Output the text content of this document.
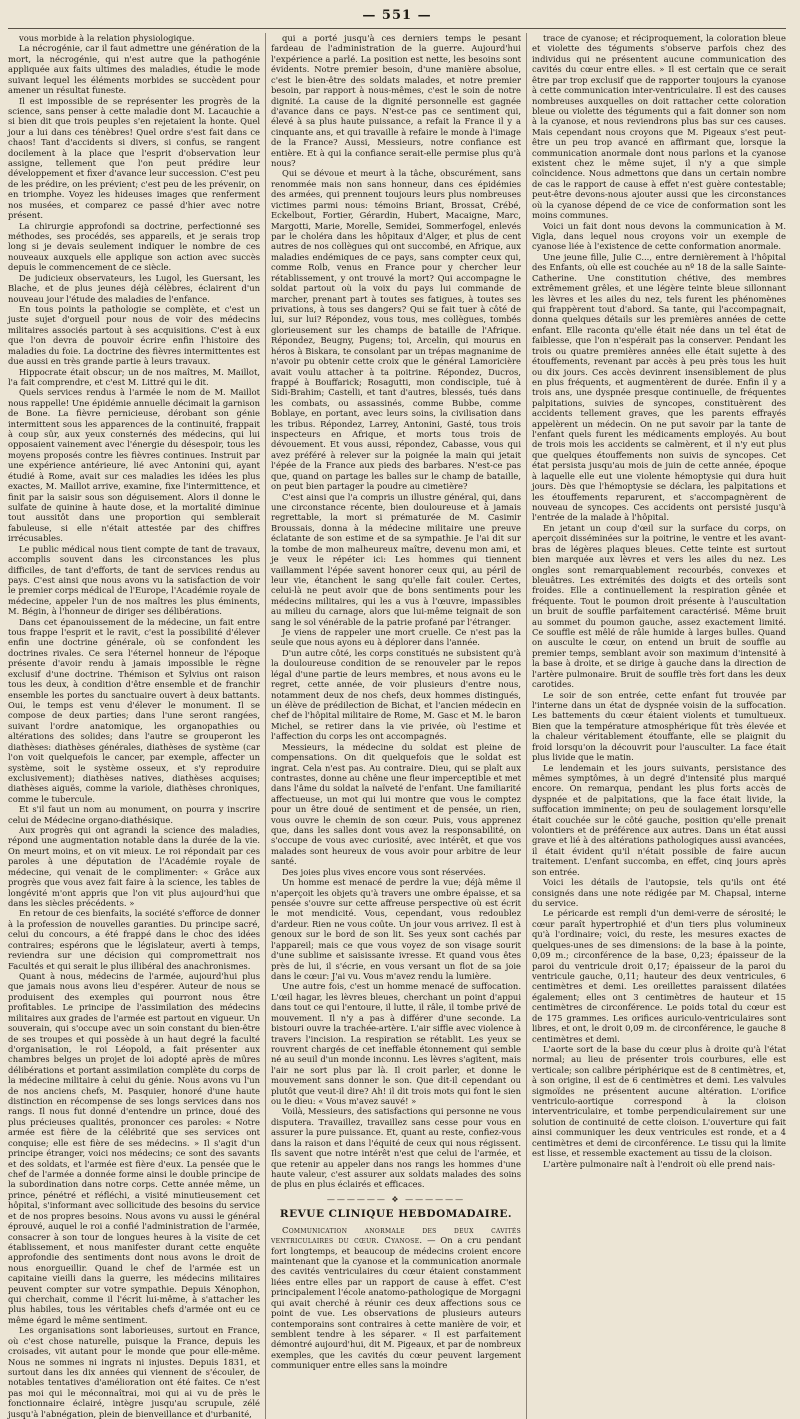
— 551 —

vous morbide à la relation physiologique.

La nécrogénie, car il faut admettre une génération de la mort, la nécrogénie, qui n'est autre que la pathogénie appliquée aux faits ultimes des maladies, étudie le mode suivant lequel les éléments morbides se succèdent pour amener un résultat funeste.

Il est impossible de se représenter les progrès de la science, sans penser à cette maladie dont M. Lacauchie a si bien dit que trois peuples s'en rejetaient la honte. Quel jour a lui dans ces ténèbres! Quel ordre s'est fait dans ce chaos! Tant d'accidents si divers, si confus, se rangent docilement à la place que l'esprit d'observation leur assigne, tellement que l'on peut prédire leur développement et fixer d'avance leur succession. C'est peu de les prédire, on les prévient; c'est peu de les prévenir, on en triomphe. Voyez les hideuses images que renferment nos musées, et comparez ce passé d'hier avec notre présent.

La chirurgie approfondi sa doctrine, perfectionné ses méthodes, ses procédés, ses appareils, et je serais trop long si je devais seulement indiquer le nombre de ces nouveaux auxquels elle applique son action avec succès depuis le commencement de ce siècle.

De judicieux observateurs, les Lugol, les Guersant, les Blache, et de plus jeunes déjà célèbres, éclairent d'un nouveau jour l'étude des maladies de l'enfance.

En tous points la pathologie se complète, et c'est un juste sujet d'orgueil pour nous de voir des médecins militaires associés partout à ses acquisitions. C'est à eux que l'on devra de pouvoir écrire enfin l'histoire des maladies du foie. La doctrine des fièvres intermittentes est due aussi en très grande partie à leurs travaux.

Hippocrate était obscur; un de nos maîtres, M. Maillot, l'a fait comprendre, et c'est M. Littré qui le dit.

Quels services rendus à l'armée le nom de M. Maillot nous rappelle! Une épidémie annuelle décimait la garnison de Bone. La fièvre pernicieuse, dérobant son génie intermittent sous les apparences de la continuité, frappait à coup sûr, aux yeux consternés des médecins, qui lui opposaient vainement avec l'énergie du désespoir, tous les moyens proposés contre les fièvres continues. Instruit par une expérience antérieure, lié avec Antonini qui, ayant étudié à Rome, avait sur ces maladies les idées les plus exactes, M. Maillot arrive, examine, fixe l'intermittence, et finit par la saisir sous son déguisement. Alors il donne le sulfate de quinine à haute dose, et la mortalité diminue tout aussitôt dans une proportion qui semblerait fabuleuse, si elle n'était attestée par des chiffres irrécusables.

Le public médical nous tient compte de tant de travaux, accomplis souvent dans les circonstances les plus difficiles, de tant d'efforts, de tant de services rendus au pays. C'est ainsi que nous avons vu la satisfaction de voir le premier corps médical de l'Europe, l'Académie royale de médecine, appeler l'un de nos maîtres les plus éminents, M. Bégin, à l'honneur de diriger ses délibérations.

Dans cet épanouissement de la médecine, un fait entre tous frappe l'esprit et le ravit, c'est la possibilité d'élever enfin une doctrine générale, où se confondent les doctrines rivales. Ce sera l'éternel honneur de l'époque présente d'avoir rendu à jamais impossible le règne exclusif d'une doctrine. Thémison et Sylvius ont raison tous les deux, à condition d'être ensemble et de franchir ensemble les portes du sanctuaire ouvert à deux battants. Oui, le temps est venu d'élever le monument. Il se compose de deux parties; dans l'une seront rangées, suivant l'ordre anatomique, les organopathies ou altérations des solides; dans l'autre se grouperont les diathèses: diathèses générales, diathèses de système (car l'on voit quelquefois le cancer, par exemple, affecter un système, soit le système osseux, et s'y reproduire exclusivement); diathèses natives, diathèses acquises; diathèses aiguës, comme la variole, diathèses chroniques, comme le tubercule.

Et s'il faut un nom au monument, on pourra y inscrire celui de Médecine organo-diathésique.

Aux progrès qui ont agrandi la science des maladies, répond une augmentation notable dans la durée de la vie. On meurt moins, et on vit mieux. Le roi répondait par ces paroles à une députation de l'Académie royale de médecine, qui venait de le complimenter: « Grâce aux progrès que vous avez fait faire à la science, les tables de longévité m'ont appris que l'on vit plus aujourd'hui que dans les siècles précédents. »

En retour de ces bienfaits, la société s'efforce de donner à la profession de nouvelles garanties. Du principe sacré, celui du concours, a été frappé dans le choc des idées contraires; espérons que le législateur, averti à temps, reviendra sur une décision qui compromettrait nos Facultés et qui serait le plus illibéral des anachronismes.

Quant à nous, médecins de l'armée, aujourd'hui plus que jamais nous avons lieu d'espérer. Auteur de nous se produisent des exemples qui pourront nous être profitables. Le principe de l'assimilation des médecins militaires aux grades de l'armée est partout en vigueur. Un souverain, qui s'occupe avec un soin constant du bien-être de ses troupes et qui possède à un haut degré la faculté d'organisation, le roi Léopold, a fait présenter aux chambres belges un projet de loi adopté après de mûres délibérations et portant assimilation complète du corps de la médecine militaire à celui du génie. Nous avons vu l'un de nos anciens chefs, M. Pasquier, honoré d'une haute distinction en récompense de ses longs services dans nos rangs. Il nous fut donné d'entendre un prince, doué des plus précieuses qualités, prononcer ces paroles: « Notre armée est fière de la célébrité que ses services ont conquise; elle est fière de ses médecins. » Il s'agit d'un principe étranger, voici nos médecins; ce sont des savants et des soldats, et l'armée est fière d'eux. La pensée que le chef de l'armée a donnée forme ainsi le double principe de la subordination dans notre corps. Cette année même, un prince, pénétré et réfléchi, a visité minutieusement cet hôpital, s'informant avec sollicitude des besoins du service et de nos propres besoins. Nous avons vu aussi le général éprouvé, auquel le roi a confié l'administration de l'armée, consacrer à son tour de longues heures à la visite de cet établissement, et nous manifester durant cette enquête approfondie des sentiments dont nous avons le droit de nous enorgueillir. Quand le chef de l'armée est un capitaine vieilli dans la guerre, les médecins militaires peuvent compter sur votre sympathie. Depuis Xénophon, qui cherchait, comme il l'écrit lui-même, à s'attacher les plus habiles, tous les véritables chefs d'armée ont eu ce même égard le même sentiment.

Les organisations sont laborieuses, surtout en France, où c'est chose naturelle, puisque la France, depuis les croisades, vit autant pour le monde que pour elle-même. Nous ne sommes ni ingrats ni injustes. Depuis 1831, et surtout dans les dix années qui viennent de s'écouler, de notables tentatives d'amélioration ont été faites. Ce n'est pas moi qui le méconnaîtrai, moi qui ai vu de près le fonctionnaire éclairé, intègre jusqu'au scrupule, zélé jusqu'à l'abnégation, plein de bienveillance et d'urbanité,

qui a porté jusqu'à ces derniers temps le pesant fardeau de l'administration de la guerre. Aujourd'hui l'expérience a parlé. La position est nette, les besoins sont évidents. Notre premier besoin, d'une manière absolue, c'est le bien-être des soldats malades, et notre premier besoin, par rapport à nous-mêmes, c'est le soin de notre dignité. La cause de la dignité personnelle est gagnée d'avance dans ce pays. N'est-ce pas ce sentiment qui, élevé à sa plus haute puissance, a refait la France il y a cinquante ans, et qui travaille à refaire le monde à l'image de la France? Aussi, Messieurs, notre confiance est entière. Et à qui la confiance serait-elle permise plus qu'à nous?

Qui se dévoue et meurt à la tâche, obscurément, sans renommée mais non sans honneur, dans ces épidémies des armées, qui prennent toujours leurs plus nombreuses victimes parmi nous: témoins Briant, Brossat, Crébé, Eckelbout, Fortier, Gérardin, Hubert, Macaigne, Marc, Margotti, Marie, Morelle, Semidei, Sommerfogel, enlevés par le choléra dans les hôpitaux d'Alger, et plus de cent autres de nos collègues qui ont succombé, en Afrique, aux maladies endémiques de ce pays, sans compter ceux qui, comme Rolb, venus en France pour y chercher leur rétablissement, y ont trouvé la mort? Qui accompagne le soldat partout où la voix du pays lui commande de marcher, prenant part à toutes ses fatigues, à toutes ses privations, à tous ses dangers? Qui se fait tuer à côté de lui, sur lui? Répondez, vous tous, mes collègues, tombés glorieusement sur les champs de bataille de l'Afrique. Répondez, Beugny, Pugens; toi, Arcelin, qui mourus en héros à Biskara, te consolant par un trépas magnanime de n'avoir pu obtenir cette croix que le général Lamoricière avait voulu attacher à ta poitrine. Répondez, Ducros, frappé à Bouffarick; Rosagutti, mon condisciple, tué à Sidi-Brahim; Castelli, et tant d'autres, blessés, tués dans les combats, ou assassinés, comme Bubbe, comme Boblaye, en portant, avec leurs soins, la civilisation dans les tribus. Répondez, Larrey, Antonini, Gasté, tous trois inspecteurs en Afrique, et morts tous trois de dévouement. Et vous aussi, répondez, Cabasse, vous qui avez préféré à relever sur la poignée la main qui jetait l'épée de la France aux pieds des barbares. N'est-ce pas que, quand on partage les balles sur le champ de bataille, on peut bien partager la poudre au cimetière?

C'est ainsi que l'a compris un illustre général, qui, dans une circonstance récente, bien douloureuse et à jamais regrettable, la mort si prématurée de M. Casimir Broussais, donna à la médecine militaire une preuve éclatante de son estime et de sa sympathie. Je l'ai dit sur la tombe de mon malheureux maître, devenu mon ami, et je veux le répéter ici: Les hommes qui tiennent vaillamment l'épée savent honorer ceux qui, au péril de leur vie, étanchent le sang qu'elle fait couler. Certes, celui-là ne peut avoir que de bons sentiments pour les médecins militaires, qui les a vus à l'œuvre, impassibles au milieu du carnage, alors que lui-même teignait de son sang le sol vénérable de la patrie profané par l'étranger.

Je viens de rappeler une mort cruelle. Ce n'est pas la seule que nous ayons eu à déplorer dans l'année.

D'un autre côté, les corps constitués ne subsistent qu'à la douloureuse condition de se renouveler par le repos légal d'une partie de leurs membres, et nous avons eu le regret, cette année, de voir plusieurs d'entre nous, notamment deux de nos chefs, deux hommes distingués, un élève de prédilection de Bichat, et l'ancien médecin en chef de l'hôpital militaire de Rome, M. Gasc et M. le baron Michel, se retirer dans la vie privée, où l'estime et l'affection du corps les ont accompagnés.

Messieurs, la médecine du soldat est pleine de compensations. On dit quelquefois que le soldat est ingrat. Cela n'est pas. Au contraire. Dieu, qui se plaît aux contrastes, donne au chêne une fleur imperceptible et met dans l'âme du soldat la naïveté de l'enfant. Une familiarité affectueuse, un mot qui lui montre que vous le comptez pour un être doué de sentiment et de pensée, un rien, vous ouvre le chemin de son cœur. Puis, vous apprenez que, dans les salles dont vous avez la responsabilité, on s'occupe de vous avec curiosité, avec intérêt, et que vos malades sont heureux de vous avoir pour arbitre de leur santé.

Des joies plus vives encore vous sont réservées.

Un homme est menacé de perdre la vue; déjà même il n'aperçoit les objets qu'à travers une ombre épaisse, et sa pensée s'ouvre sur cette affreuse perspective où est écrit le mot mendicité. Vous, cependant, vous redoublez d'ardeur. Rien ne vous coûte. Un jour vous arrivez. Il est à genoux sur le bord de son lit. Ses yeux sont cachés par l'appareil; mais ce que vous voyez de son visage sourit d'une sublime et saisissante ivresse. Et quand vous êtes près de lui, il s'écrie, en vous versant un flot de sa joie dans le cœur: J'ai vu. Vous m'avez rendu la lumière.

Une autre fois, c'est un homme menacé de suffocation. L'œil hagar, les lèvres bleues, cherchant un point d'appui dans tout ce qui l'entoure, il lutte, il râle, il tombe privé de mouvement. Il n'y a pas à différer d'une seconde. La bistouri ouvre la trachée-artère. L'air siffle avec violence à travers l'incision. La respiration se rétablit. Les yeux se rouvrent chargés de cet ineffable étonnement qui semble né au seuil d'un monde inconnu. Les lèvres s'agitent, mais l'air ne sort plus par là. Il croit parler, et donne le mouvement sans donner le son. Que dit-il cependant ou plutôt que veut-il dire? Ah! il dit trois mots qui font le sien ou le dieu: « Vous m'avez sauvé! »

Voilà, Messieurs, des satisfactions qui personne ne vous disputera. Travaillez, travaillez sans cesse pour vous en assurer la pure puissance. Et, quant au reste, confiez-vous dans la raison et dans l'équité de ceux qui nous régissent. Ils savent que notre intérêt n'est que celui de l'armée, et que retenir au appeler dans nos rangs les hommes d'une haute valeur, c'est assurer aux soldats malades des soins de plus en plus éclairés et efficaces.

—————— ❖ ——————
REVUE CLINIQUE HEBDOMADAIRE.

Communication anormale des deux cavités ventriculaires du cœur. Cyanose. — On a cru pendant fort longtemps, et beaucoup de médecins croient encore maintenant que la cyanose et la communication anormale des cavités ventriculaires du cœur étaient constamment liées entre elles par un rapport de cause à effet. C'est principalement l'école anatomo-pathologique de Morgagni qui avait cherché à réunir ces deux affections sous ce point de vue. Les observations de plusieurs auteurs contemporains sont contraires à cette manière de voir, et semblent tendre à les séparer. « Il est parfaitement démontré aujourd'hui, dit M. Pigeaux, et par de nombreux exemples, que les cavités du cœur peuvent largement communiquer entre elles sans la moindre

trace de cyanose; et réciproquement, la coloration bleue et violette des téguments s'observe parfois chez des individus qui ne présentent aucune communication des cavités du cœur entre elles. » Il est certain que ce serait être par trop exclusif que de rapporter toujours la cyanose à cette communication inter-ventriculaire. Il est des causes nombreuses auxquelles on doit rattacher cette coloration bleue ou violette des téguments qui a fait donner son nom à la cyanose, et nous reviendrons plus bas sur ces causes. Mais cependant nous croyons que M. Pigeaux s'est peut-être un peu trop avancé en affirmant que, lorsque la communication anormale dont nous parlons et la cyanose existent chez le même sujet, il n'y a que simple coïncidence. Nous admettons que dans un certain nombre de cas le rapport de cause à effet n'est guère contestable; peut-être devons-nous ajouter aussi que les circonstances où la cyanose dépend de ce vice de conformation sont les moins communes.

Voici un fait dont nous devons la communication à M. Vigla, dans lequel nous croyons voir un exemple de cyanose liée à l'existence de cette conformation anormale.

Une jeune fille, Julie C..., entre dernièrement à l'hôpital des Enfants, où elle est couchée au nº 18 de la salle Sainte-Catherine. Une constitution chétive, des membres extrêmement grêles, et une légère teinte bleue sillonnant les lèvres et les ailes du nez, tels furent les phénomènes qui frappèrent tout d'abord. Sa tante, qui l'accompagnait, donna quelques détails sur les premières années de cette enfant. Elle raconta qu'elle était née dans un tel état de faiblesse, que l'on n'espérait pas la conserver. Pendant les trois ou quatre premières années elle était sujette à des étouffements, revenant par accès à peu près tous les huit ou dix jours. Ces accès devinrent insensiblement de plus en plus fréquents, et augmentèrent de durée. Enfin il y a trois ans, une dyspnée presque continuelle, de fréquentes palpitations, suivies de syncopes, constituèrent des accidents tellement graves, que les parents effrayés appelèrent un médecin. On ne put savoir par la tante de l'enfant quels furent les médicaments employés. Au bout de trois mois les accidents se calmèrent, et il n'y eut plus que quelques étouffements non suivis de syncopes. Cet état persista jusqu'au mois de juin de cette année, époque à laquelle elle eut une violente hémoptysie qui dura huit jours. Dès que l'hémoptysie se déclara, les palpitations et les étouffements reparurent, et s'accompagnèrent de nouveau de syncopes. Ces accidents ont persisté jusqu'à l'entrée de la malade à l'hôpital.

En jetant un coup d'œil sur la surface du corps, on aperçoit disséminées sur la poitrine, le ventre et les avant-bras de légères plaques bleues. Cette teinte est surtout bien marquée aux lèvres et vers les ailes du nez. Les ongles sont remarquablement recourbés, convexes et bleuâtres. Les extrémités des doigts et des orteils sont froides. Elle a continuellement la respiration gênée et fréquente. Tout le poumon droit présente à l'auscultation un bruit de souffle parfaitement caractérisé. Même bruit au sommet du poumon gauche, assez exactement limité. Ce souffle est mêlé de râle humide à larges bulles. Quand on ausculte le cœur, on entend un bruit de souffle au premier temps, semblant avoir son maximum d'intensité à la base à droite, et se dirige à gauche dans la direction de l'artère pulmonaire. Bruit de souffle très fort dans les deux carotides.

Le soir de son entrée, cette enfant fut trouvée par l'interne dans un état de dyspnée voisin de la suffocation. Les battements du cœur étaient violents et tumultueux. Bien que la température atmosphérique fût très élevée et la chaleur véritablement étouffante, elle se plaignit du froid lorsqu'on la découvrit pour l'ausculter. La face était plus livide que le matin.

Le lendemain et les jours suivants, persistance des mêmes symptômes, à un degré d'intensité plus marqué encore. On remarqua, pendant les plus forts accès de dyspnée et de palpitations, que la face était livide, la suffocation imminente; on peu de soulagement lorsqu'elle était couchée sur le côté gauche, position qu'elle prenait volontiers et de préférence aux autres. Dans un état aussi grave et lié à des altérations pathologiques aussi avancées, il était évident qu'il n'était possible de faire aucun traitement. L'enfant succomba, en effet, cinq jours après son entrée.

Voici les détails de l'autopsie, tels qu'ils ont été consignés dans une note rédigée par M. Chapsal, interne du service.

Le péricarde est rempli d'un demi-verre de sérosité; le cœur paraît hypertrophié et d'un tiers plus volumineux qu'à l'ordinaire; voici, du reste, les mesures exactes de quelques-unes de ses dimensions: de la base à la pointe, 0,09 m.; circonférence de la base, 0,23; épaisseur de la paroi du ventricule droit 0,17; épaisseur de la paroi du ventricule gauche, 0,11; hauteur des deux ventricules, 6 centimètres et demi. Les oreillettes paraissent dilatées également; elles ont 3 centimètres de hauteur et 15 centimètres de circonférence. Le poids total du cœur est de 175 grammes. Les orifices auriculo-ventriculaires sont libres, et ont, le droit 0,09 m. de circonférence, le gauche 8 centimètres et demi.

L'aorte sort de la base du cœur plus à droite qu'à l'état normal; au lieu de présenter trois courbures, elle est verticale; son calibre périphérique est de 8 centimètres, et, à son origine, il est de 6 centimètres et demi. Les valvules sigmoïdes ne présentent aucune altération. L'orifice ventriculo-aortique correspond à la cloison interventriculaire, et tombe perpendiculairement sur une solution de continuité de cette cloison. L'ouverture qui fait ainsi communiquer les deux ventricules est ronde, et a 4 centimètres et demi de circonférence. Le tissu qui la limite est lisse, et ressemble exactement au tissu de la cloison.

L'artère pulmonaire naît à l'endroit où elle prend nais-
